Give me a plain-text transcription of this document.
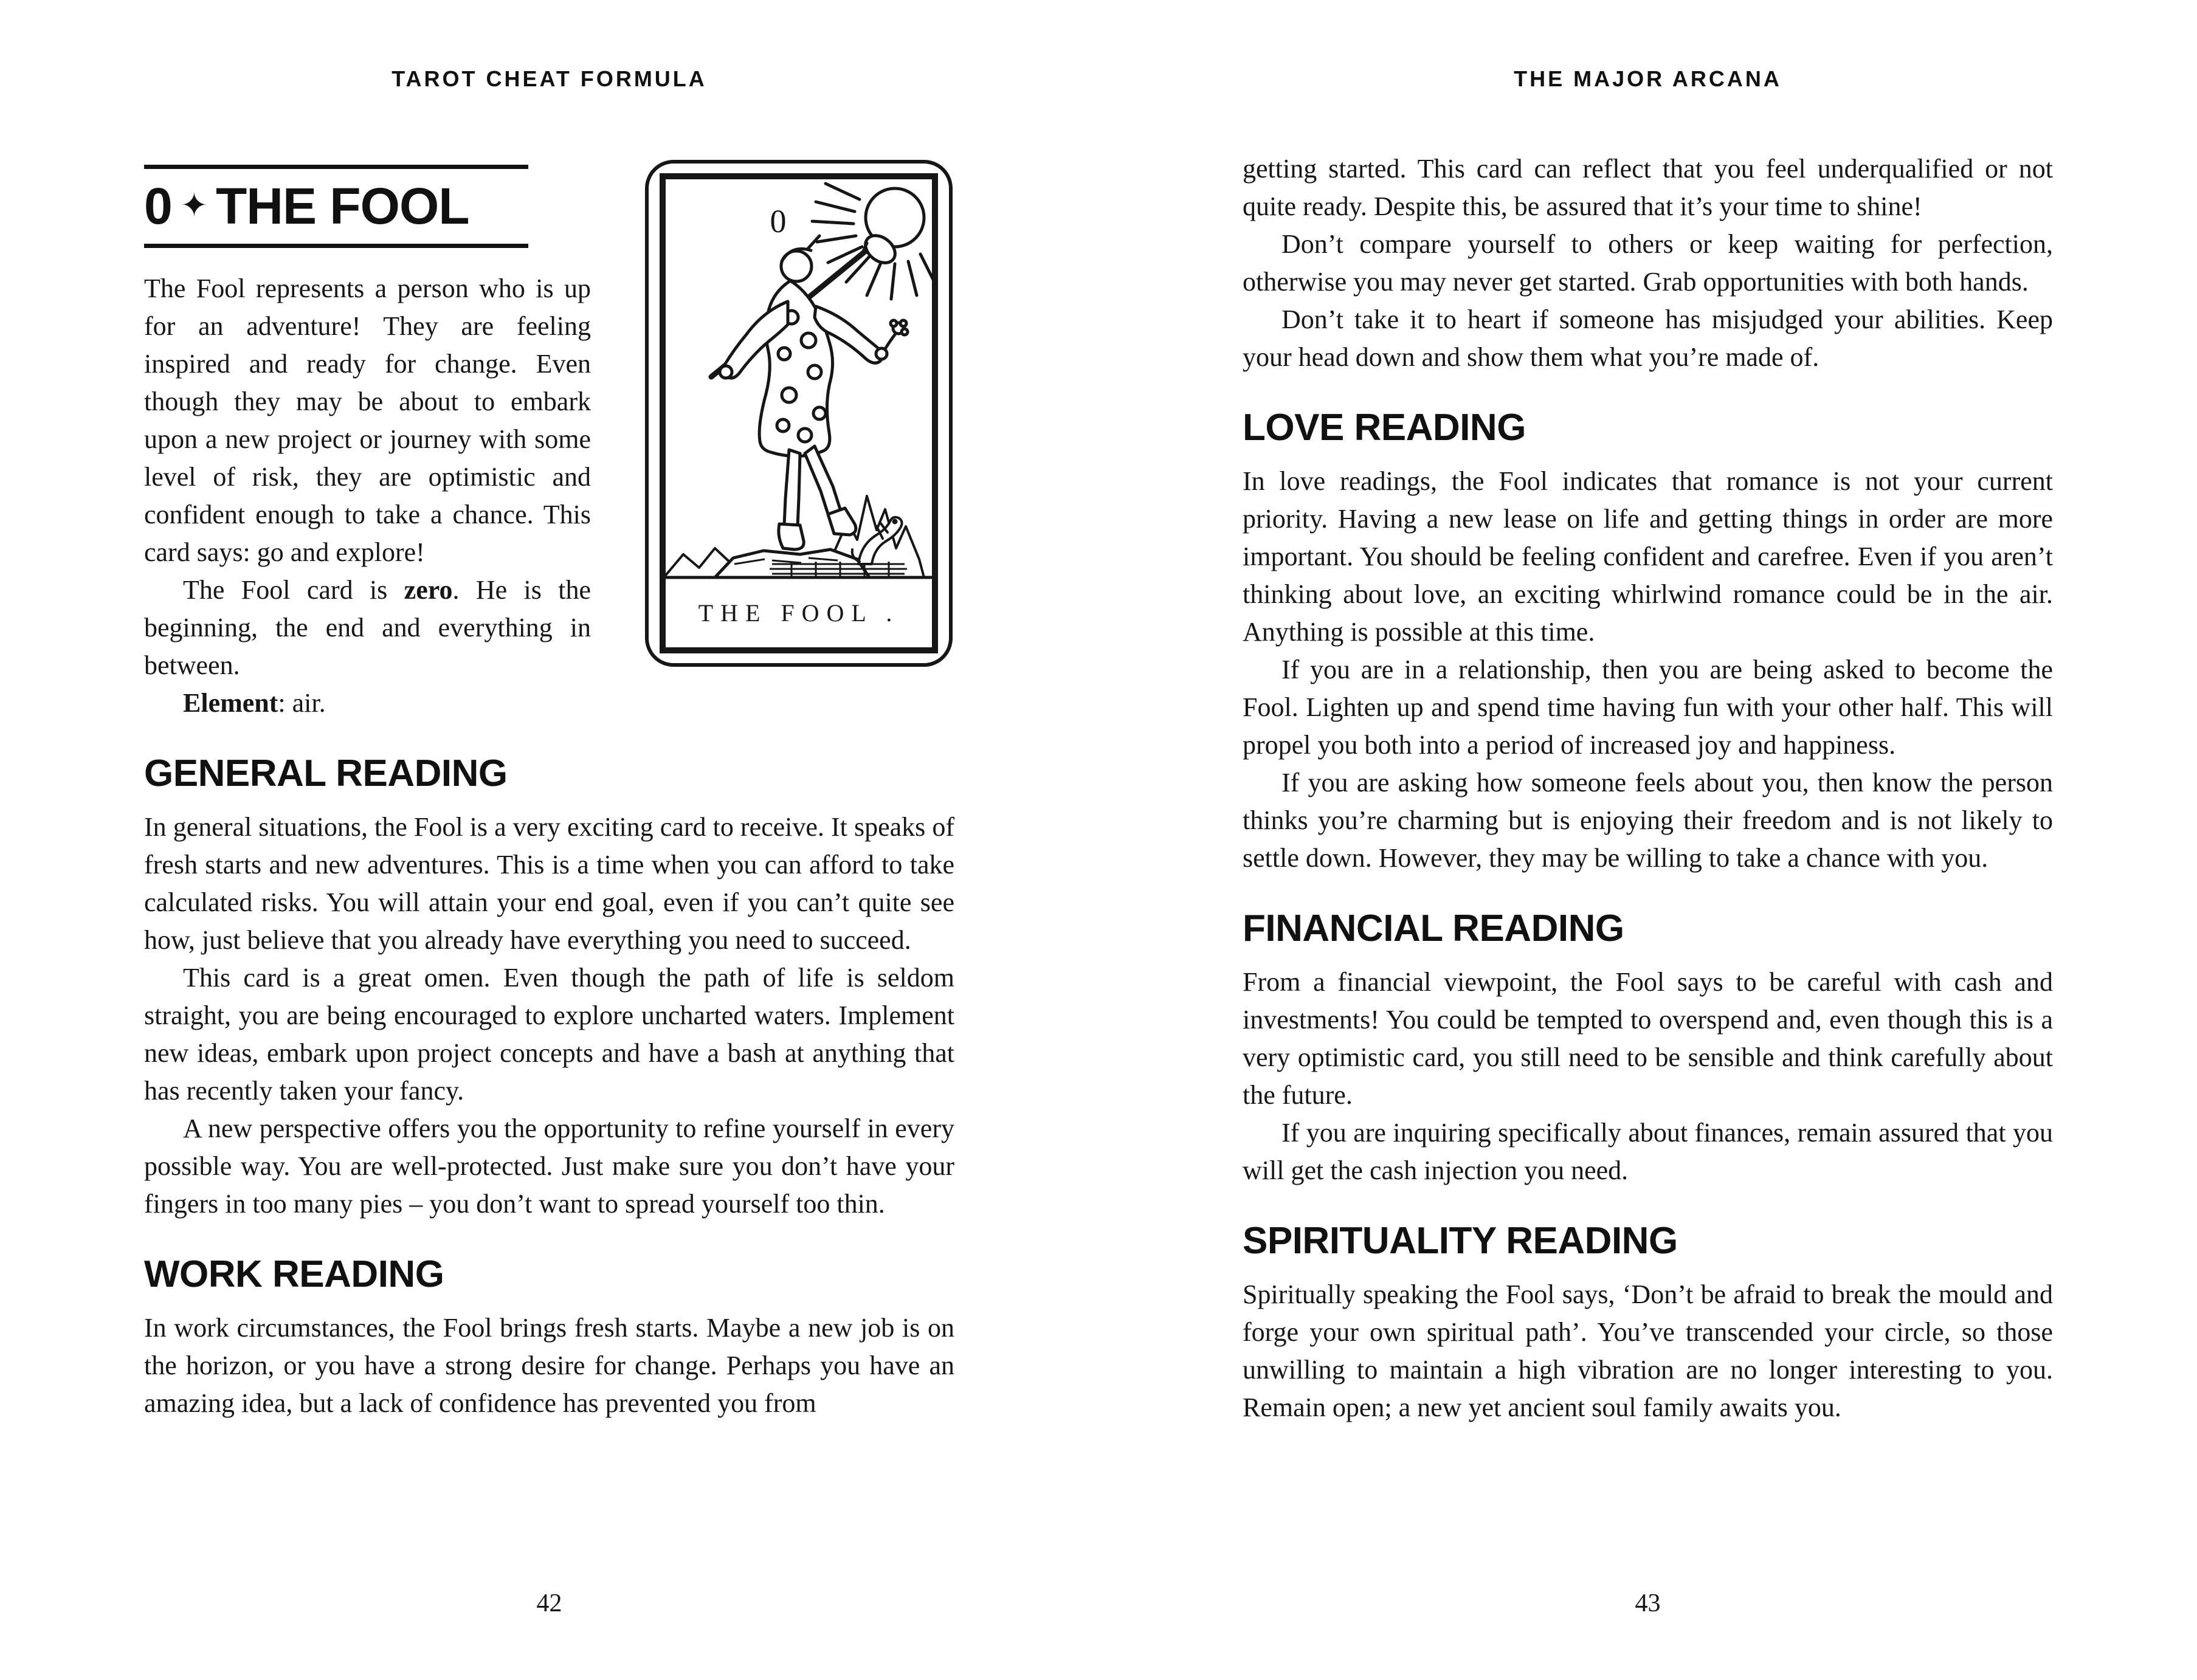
TAROT CHEAT FORMULA
0
THE FOOL .
0 ✦ THE FOOL

The Fool represents a person who is up for an adventure! They are feeling inspired and ready for change. Even though they may be about to embark upon a new project or journey with some level of risk, they are optimistic and confident enough to take a chance. This card says: go and explore!

The Fool card is zero. He is the beginning, the end and everything in between.

Element: air.

GENERAL READING

In general situations, the Fool is a very exciting card to receive. It speaks of fresh starts and new adventures. This is a time when you can afford to take calculated risks. You will attain your end goal, even if you can’t quite see how, just believe that you already have everything you need to succeed.

This card is a great omen. Even though the path of life is seldom straight, you are being encouraged to explore uncharted waters. Implement new ideas, embark upon project concepts and have a bash at anything that has recently taken your fancy.

A new perspective offers you the opportunity to refine yourself in every possible way. You are well-protected. Just make sure you don’t have your fingers in too many pies – you don’t want to spread yourself too thin.

WORK READING

In work circumstances, the Fool brings fresh starts. Maybe a new job is on the horizon, or you have a strong desire for change. Perhaps you have an amazing idea, but a lack of confidence has prevented you from

42
THE MAJOR ARCANA

getting started. This card can reflect that you feel underqualified or not quite ready. Despite this, be assured that it’s your time to shine!

Don’t compare yourself to others or keep waiting for perfection, otherwise you may never get started. Grab opportunities with both hands.

Don’t take it to heart if someone has misjudged your abilities. Keep your head down and show them what you’re made of.

LOVE READING

In love readings, the Fool indicates that romance is not your current priority. Having a new lease on life and getting things in order are more important. You should be feeling confident and carefree. Even if you aren’t thinking about love, an exciting whirlwind romance could be in the air. Anything is possible at this time.

If you are in a relationship, then you are being asked to become the Fool. Lighten up and spend time having fun with your other half. This will propel you both into a period of increased joy and happiness.

If you are asking how someone feels about you, then know the person thinks you’re charming but is enjoying their freedom and is not likely to settle down. However, they may be willing to take a chance with you.

FINANCIAL READING

From a financial viewpoint, the Fool says to be careful with cash and investments! You could be tempted to overspend and, even though this is a very optimistic card, you still need to be sensible and think carefully about the future.

If you are inquiring specifically about finances, remain assured that you will get the cash injection you need.

SPIRITUALITY READING

Spiritually speaking the Fool says, ‘Don’t be afraid to break the mould and forge your own spiritual path’. You’ve transcended your circle, so those unwilling to maintain a high vibration are no longer interesting to you. Remain open; a new yet ancient soul family awaits you.

43
